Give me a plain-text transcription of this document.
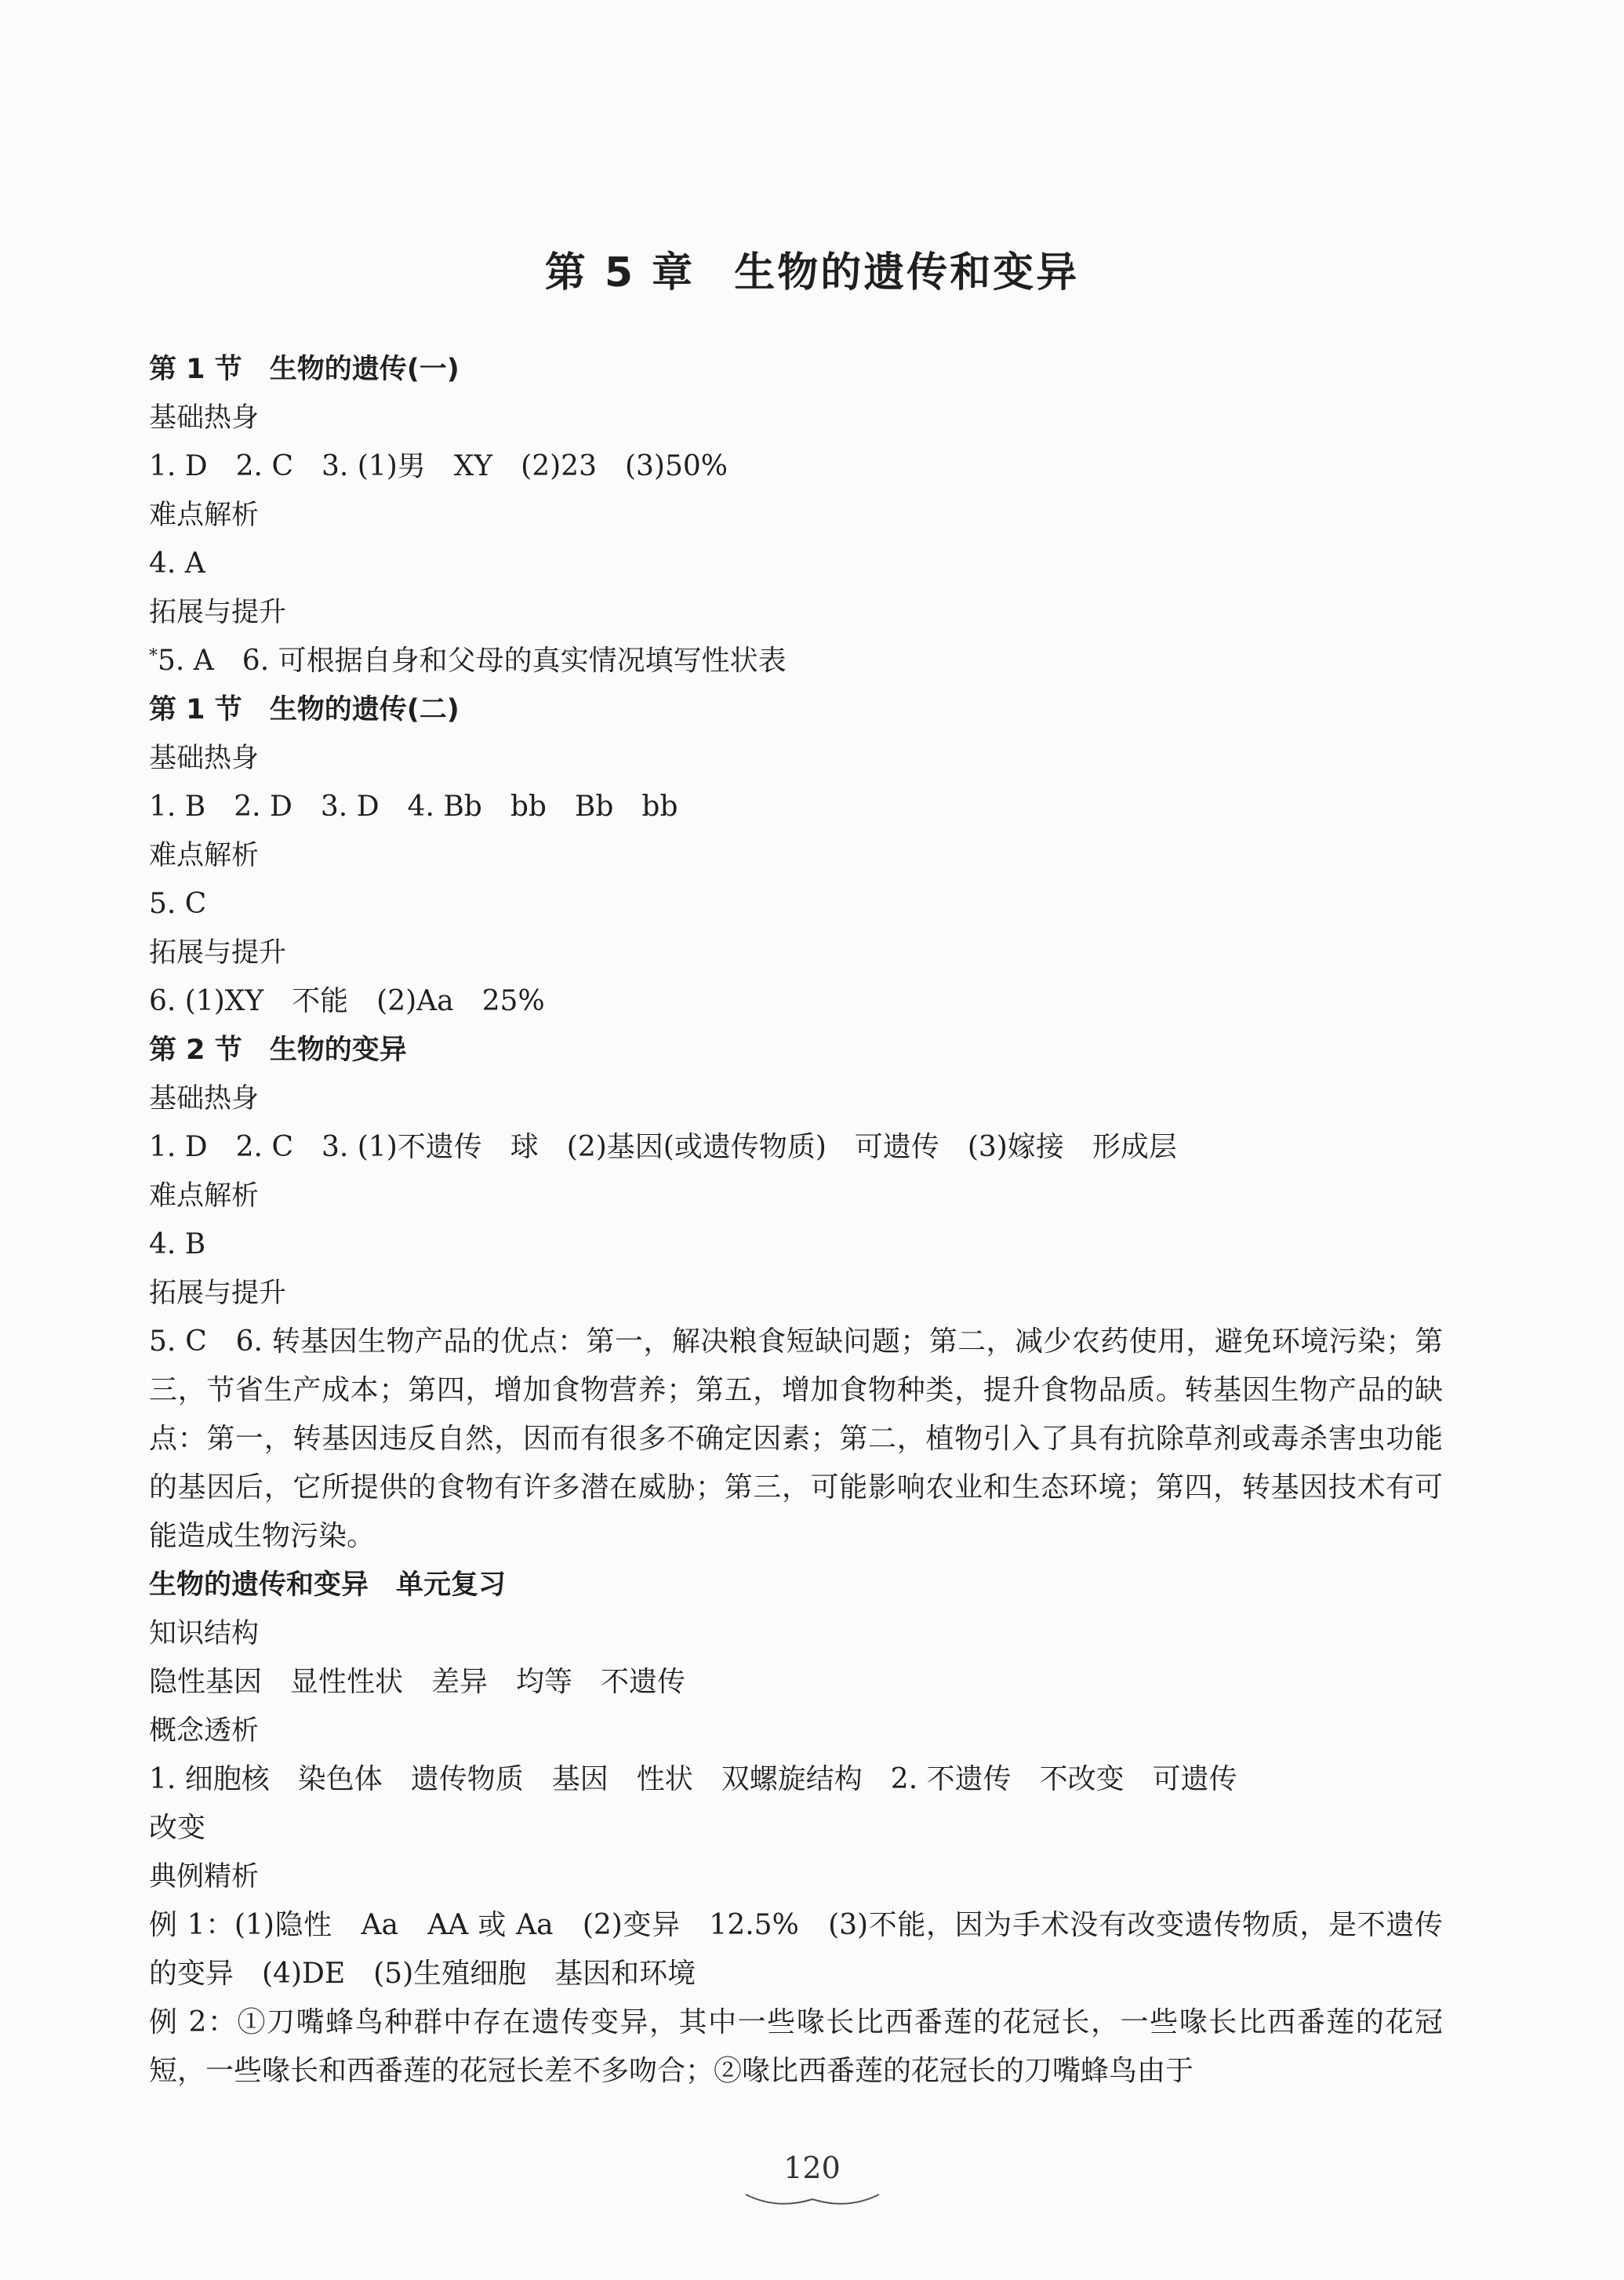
第 5 章 生物的遗传和变异
第 1 节　生物的遗传(一)
基础热身
1. D　2. C　3. (1)男　XY　(2)23　(3)50%
难点解析
4. A
拓展与提升
*5. A　6. 可根据自身和父母的真实情况填写性状表
第 1 节　生物的遗传(二)
基础热身
1. B　2. D　3. D　4. Bb　bb　Bb　bb
难点解析
5. C
拓展与提升
6. (1)XY　不能　(2)Aa　25%
第 2 节　生物的变异
基础热身
1. D　2. C　3. (1)不遗传　球　(2)基因(或遗传物质)　可遗传　(3)嫁接　形成层
难点解析
4. B
拓展与提升

5. C　6. 转基因生物产品的优点：第一，解决粮食短缺问题；第二，减少农药使用，避免环境污染；第三，节省生产成本；第四，增加食物营养；第五，增加食物种类，提升食物品质。转基因生物产品的缺点：第一，转基因违反自然，因而有很多不确定因素；第二，植物引入了具有抗除草剂或毒杀害虫功能的基因后，它所提供的食物有许多潜在威胁；第三，可能影响农业和生态环境；第四，转基因技术有可能造成生物污染。

生物的遗传和变异　单元复习
知识结构
隐性基因　显性性状　差异　均等　不遗传
概念透析
1. 细胞核　染色体　遗传物质　基因　性状　双螺旋结构　2. 不遗传　不改变　可遗传
改变
典例精析

例 1：(1)隐性　Aa　AA 或 Aa　(2)变异　12.5%　(3)不能，因为手术没有改变遗传物质，是不遗传的变异　(4)DE　(5)生殖细胞　基因和环境

例 2：①刀嘴蜂鸟种群中存在遗传变异，其中一些喙长比西番莲的花冠长，一些喙长比西番莲的花冠短，一些喙长和西番莲的花冠长差不多吻合；②喙比西番莲的花冠长的刀嘴蜂鸟由于

120
